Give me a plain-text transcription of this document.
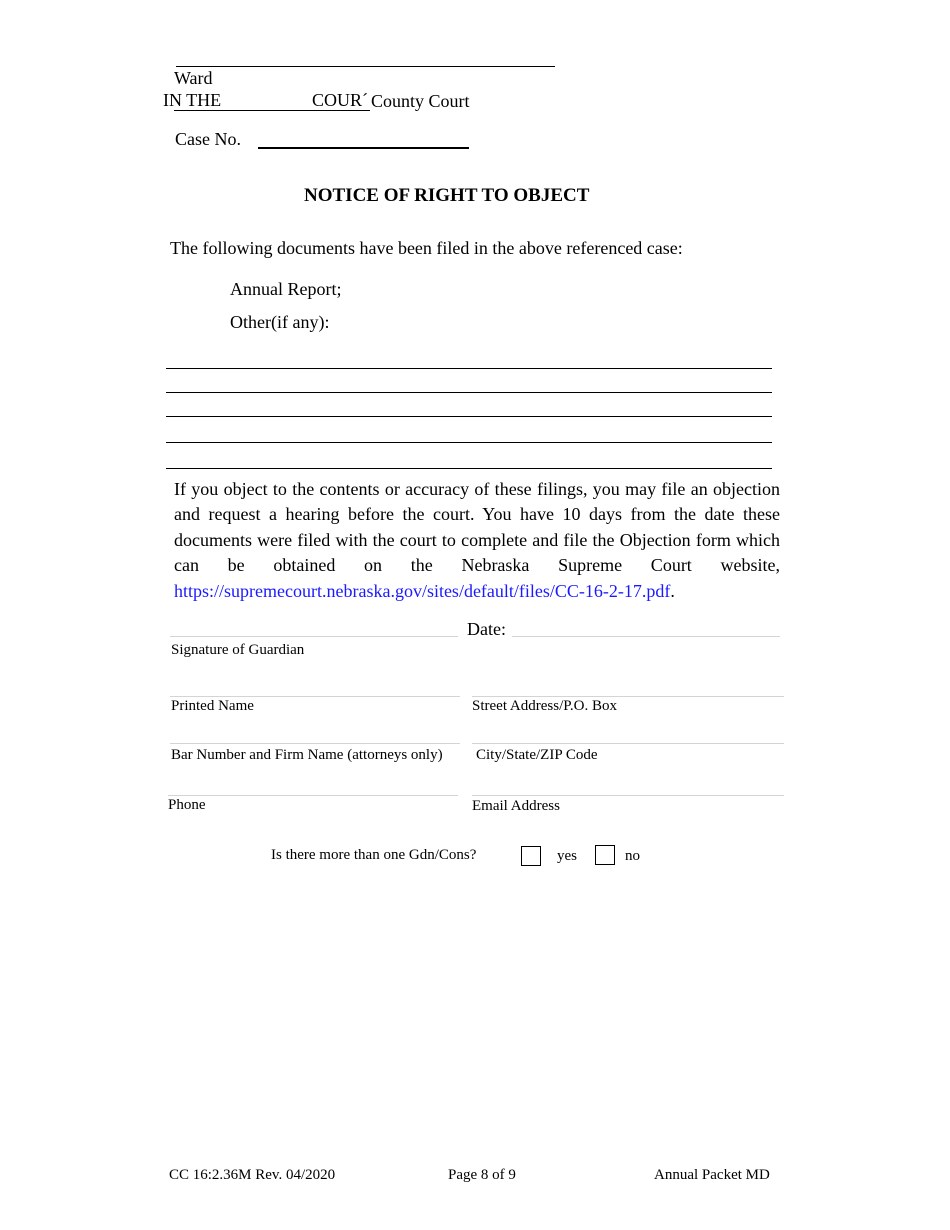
Ward
IN THE	COUR´ County Court
Case No.
NOTICE OF RIGHT TO OBJECT
The following documents have been filed in the above referenced case:
Annual Report;
Other(if any):
If you object to the contents or accuracy of these filings, you may file an objection and request a hearing before the court. You have 10 days from the date these documents were filed with the court to complete and file the Objection form which can be obtained on the Nebraska Supreme Court website, https://supremecourt.nebraska.gov/sites/default/files/CC-16-2-17.pdf.
Date:
Signature of Guardian
Printed Name	Street Address/P.O. Box
Bar Number and Firm Name (attorneys only) City/State/ZIP Code
Phone	Email Address
Is there more than one Gdn/Cons?	yes	no
CC 16:2.36M Rev. 04/2020	Page 8 of 9	Annual Packet MD
